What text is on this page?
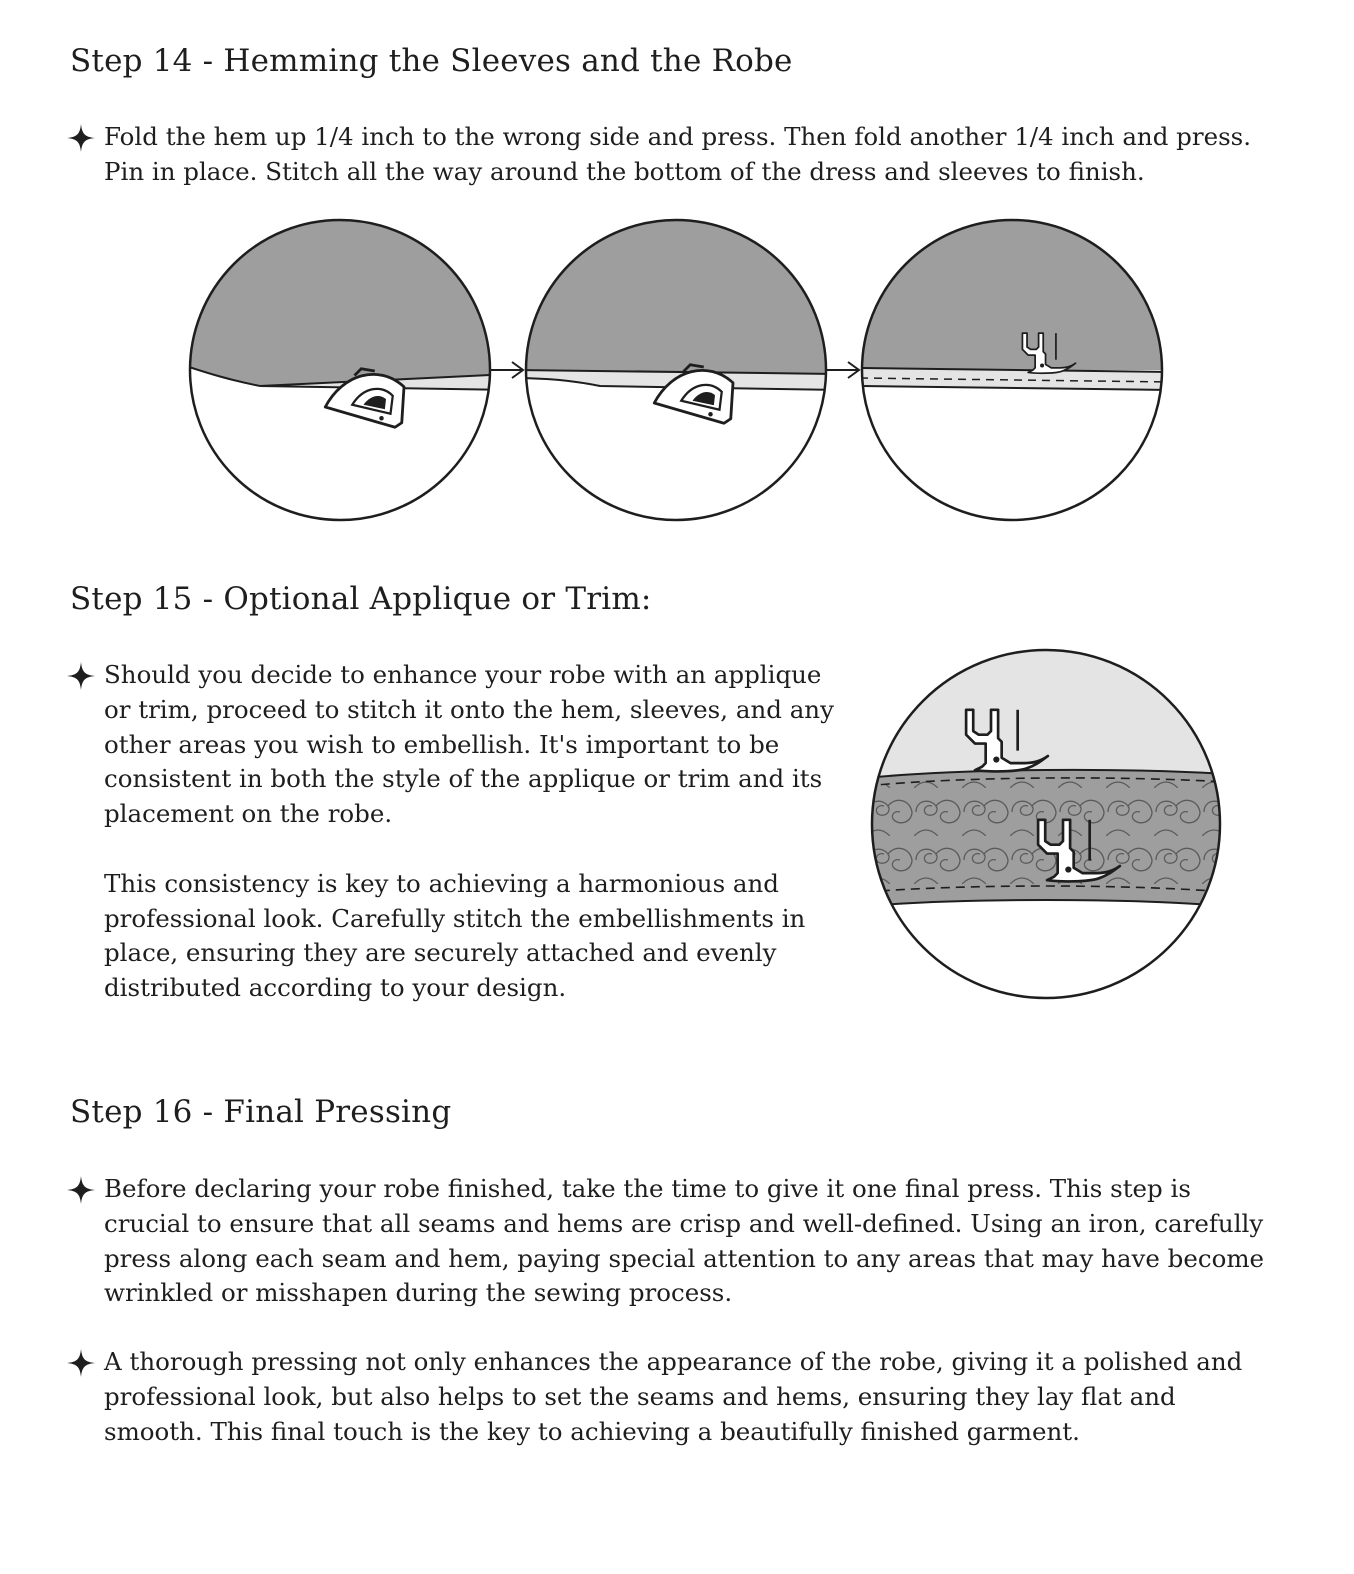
Step 14 - Hemming the Sleeves and the Robe

Fold the hem up 1/4 inch to the wrong side and press. Then fold another 1/4 inch and press. Pin in place. Stitch all the way around the bottom of the dress and sleeves to finish.

Step 15 - Optional Applique or Trim:

Should you decide to enhance your robe with an applique or trim, proceed to stitch it onto the hem, sleeves, and any other areas you wish to embellish. It's important to be consistent in both the style of the applique or trim and its placement on the robe.

This consistency is key to achieving a harmonious and professional look. Carefully stitch the embellishments in place, ensuring they are securely attached and evenly distributed according to your design.

Step 16 - Final Pressing

Before declaring your robe finished, take the time to give it one final press. This step is crucial to ensure that all seams and hems are crisp and well-defined. Using an iron, carefully press along each seam and hem, paying special attention to any areas that may have become wrinkled or misshapen during the sewing process.

A thorough pressing not only enhances the appearance of the robe, giving it a polished and professional look, but also helps to set the seams and hems, ensuring they lay flat and smooth. This final touch is the key to achieving a beautifully finished garment.
